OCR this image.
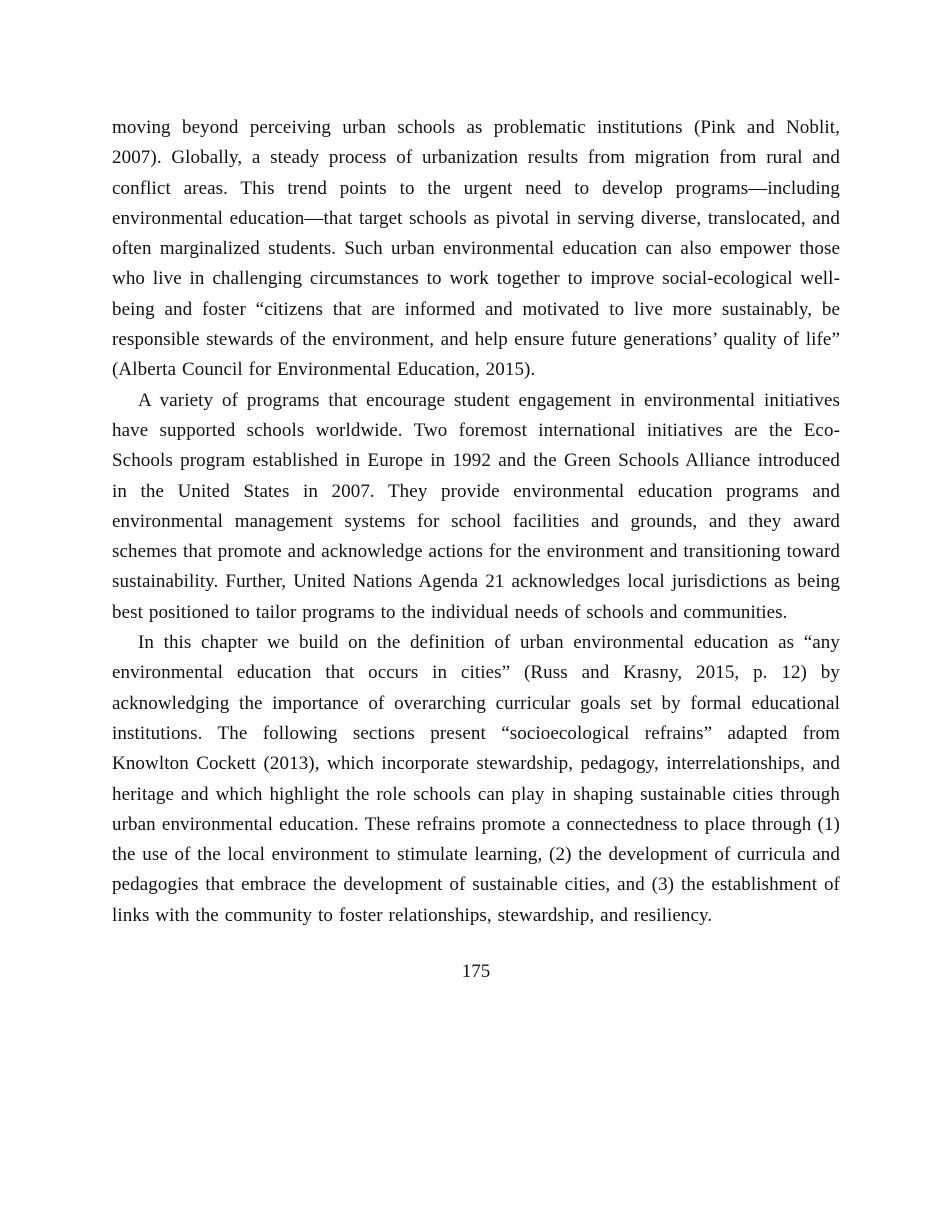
moving beyond perceiving urban schools as problematic institutions (Pink and Noblit, 2007). Globally, a steady process of urbanization results from migration from rural and conflict areas. This trend points to the urgent need to develop programs—including environmental education—that target schools as pivotal in serving diverse, translocated, and often marginalized students. Such urban environmental education can also empower those who live in challenging circumstances to work together to improve social-ecological well-being and foster “citizens that are informed and motivated to live more sustainably, be responsible stewards of the environment, and help ensure future generations’ quality of life” (Alberta Council for Environmental Education, 2015).

A variety of programs that encourage student engagement in environmental initiatives have supported schools worldwide. Two foremost international initiatives are the Eco-Schools program established in Europe in 1992 and the Green Schools Alliance introduced in the United States in 2007. They provide environmental education programs and environmental management systems for school facilities and grounds, and they award schemes that promote and acknowledge actions for the environment and transitioning toward sustainability. Further, United Nations Agenda 21 acknowledges local jurisdictions as being best positioned to tailor programs to the individual needs of schools and communities.

In this chapter we build on the definition of urban environmental education as “any environmental education that occurs in cities” (Russ and Krasny, 2015, p. 12) by acknowledging the importance of overarching curricular goals set by formal educational institutions. The following sections present “socioecological refrains” adapted from Knowlton Cockett (2013), which incorporate stewardship, pedagogy, interrelationships, and heritage and which highlight the role schools can play in shaping sustainable cities through urban environmental education. These refrains promote a connectedness to place through (1) the use of the local environment to stimulate learning, (2) the development of curricula and pedagogies that embrace the development of sustainable cities, and (3) the establishment of links with the community to foster relationships, stewardship, and resiliency.

175
